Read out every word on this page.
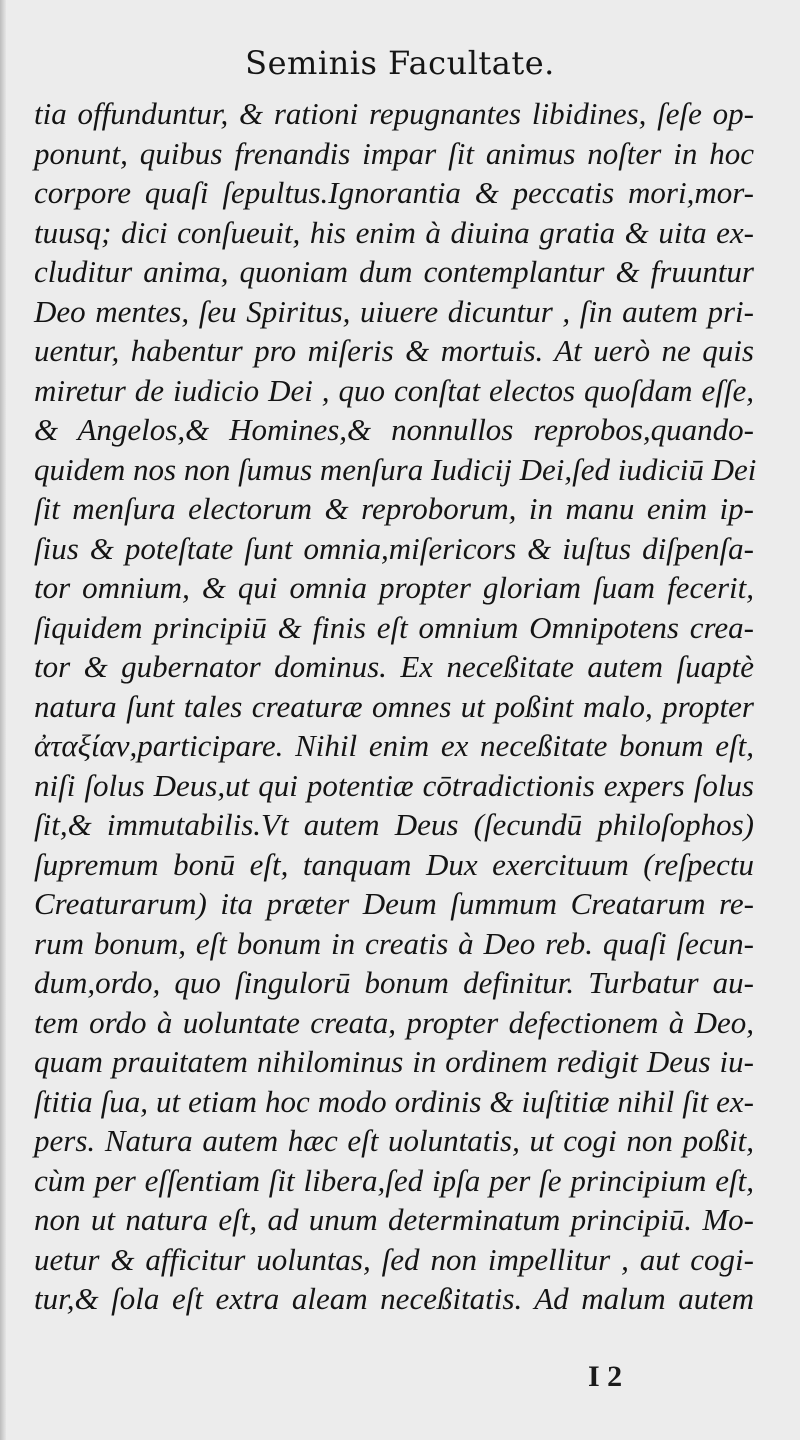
Seminis Facultate.
tia offunduntur, & rationi repugnantes libidines, ſeſe op-
ponunt, quibus frenandis impar ſit animus noſter in hoc
corpore quaſi ſepultus.Ignorantia & peccatis mori,mor-
tuusq; dici conſueuit, his enim à diuina gratia & uita ex-
cluditur anima, quoniam dum contemplantur & fruuntur
Deo mentes, ſeu Spiritus, uiuere dicuntur , ſin autem pri-
uentur, habentur pro miſeris & mortuis. At uerò ne quis
miretur de iudicio Dei , quo conſtat electos quoſdam eſſe,
& Angelos,& Homines,& nonnullos reprobos,quando-
quidem nos non ſumus menſura Iudicij Dei,ſed iudiciū Dei
ſit menſura electorum & reproborum, in manu enim ip-
ſius & poteſtate ſunt omnia,miſericors & iuſtus diſpenſa-
tor omnium, & qui omnia propter gloriam ſuam fecerit,
ſiquidem principiū & finis eſt omnium Omnipotens crea-
tor & gubernator dominus. Ex neceßitate autem ſuaptè
natura ſunt tales creaturæ omnes ut poßint malo, propter
ἀταξίαν,participare. Nihil enim ex neceßitate bonum eſt,
niſi ſolus Deus,ut qui potentiæ cōtradictionis expers ſolus
ſit,& immutabilis.Vt autem Deus (ſecundū philoſophos)
ſupremum bonū eſt, tanquam Dux exercituum (reſpectu
Creaturarum) ita præter Deum ſummum Creatarum re-
rum bonum, eſt bonum in creatis à Deo reb. quaſi ſecun-
dum,ordo, quo ſingulorū bonum definitur. Turbatur au-
tem ordo à uoluntate creata, propter defectionem à Deo,
quam prauitatem nihilominus in ordinem redigit Deus iu-
ſtitia ſua, ut etiam hoc modo ordinis & iuſtitiæ nihil ſit ex-
pers. Natura autem hæc eſt uoluntatis, ut cogi non poßit,
cùm per eſſentiam ſit libera,ſed ipſa per ſe principium eſt,
non ut natura eſt, ad unum determinatum principiū. Mo-
uetur & afficitur uoluntas, ſed non impellitur , aut cogi-
tur,& ſola eſt extra aleam neceßitatis. Ad malum autem
I 2
